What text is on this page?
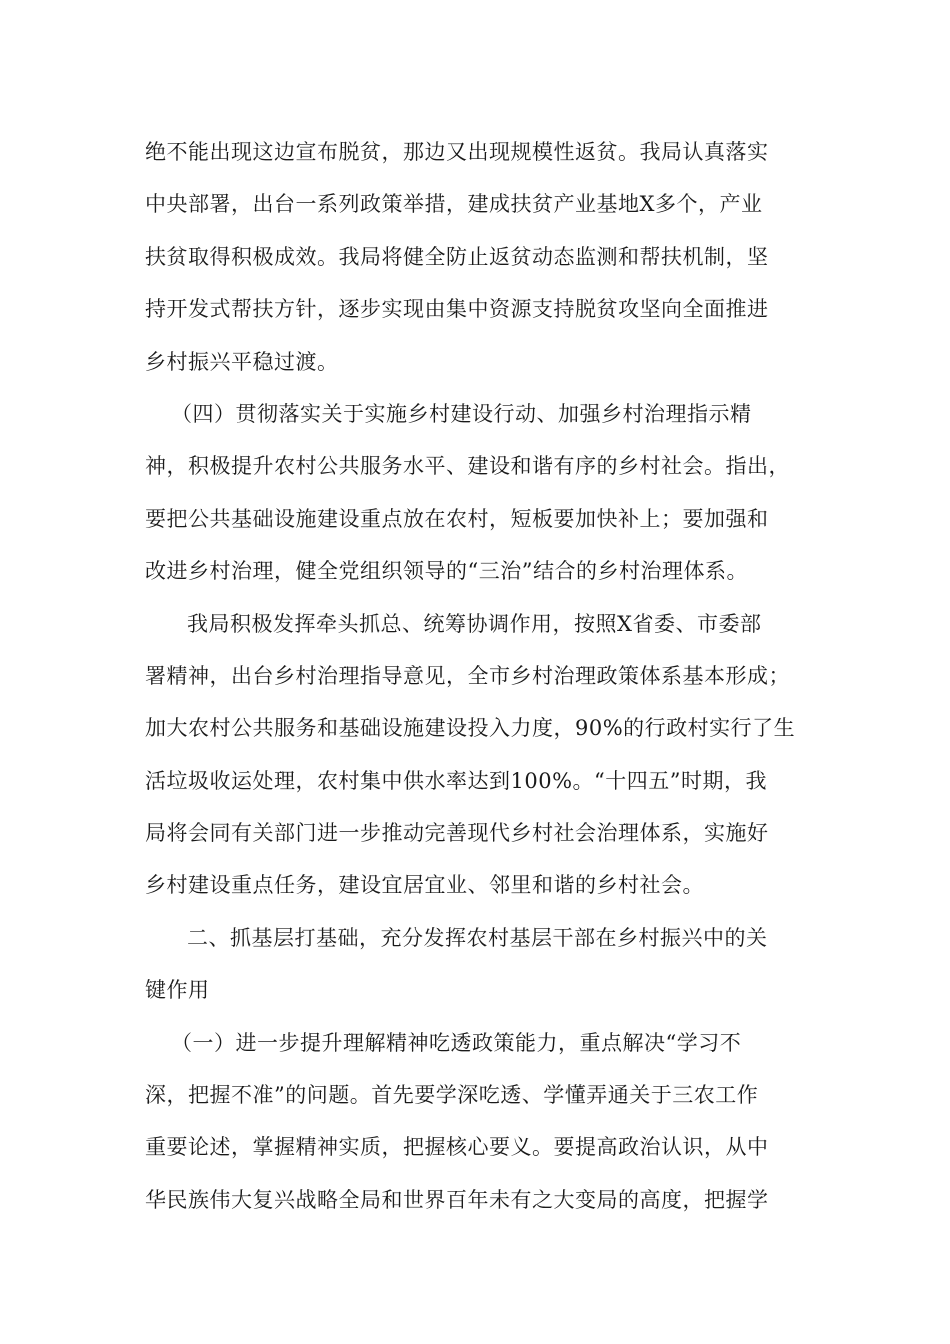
绝不能出现这边宣布脱贫，那边又出现规模性返贫。我局认真落实
中央部署，出台一系列政策举措，建成扶贫产业基地X多个，产业
扶贫取得积极成效。我局将健全防止返贫动态监测和帮扶机制，坚
持开发式帮扶方针，逐步实现由集中资源支持脱贫攻坚向全面推进
乡村振兴平稳过渡。
（四）贯彻落实关于实施乡村建设行动、加强乡村治理指示精
神，积极提升农村公共服务水平、建设和谐有序的乡村社会。指出，
要把公共基础设施建设重点放在农村，短板要加快补上；要加强和
改进乡村治理，健全党组织领导的“三治”结合的乡村治理体系。
我局积极发挥牵头抓总、统筹协调作用，按照X省委、市委部
署精神，出台乡村治理指导意见，全市乡村治理政策体系基本形成；
加大农村公共服务和基础设施建设投入力度，90%的行政村实行了生
活垃圾收运处理，农村集中供水率达到100%。“十四五”时期，我
局将会同有关部门进一步推动完善现代乡村社会治理体系，实施好
乡村建设重点任务，建设宜居宜业、邻里和谐的乡村社会。
二、抓基层打基础，充分发挥农村基层干部在乡村振兴中的关
键作用
（一）进一步提升理解精神吃透政策能力，重点解决“学习不
深，把握不准”的问题。首先要学深吃透、学懂弄通关于三农工作
重要论述，掌握精神实质，把握核心要义。要提高政治认识，从中
华民族伟大复兴战略全局和世界百年未有之大变局的高度，把握学
